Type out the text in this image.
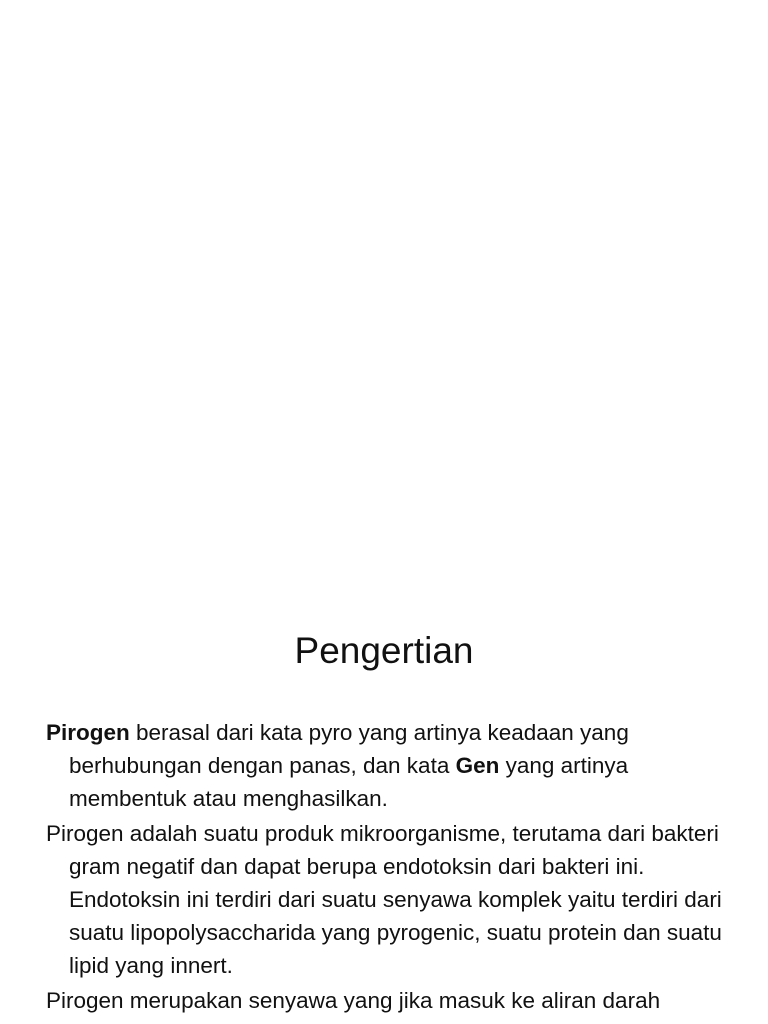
Pengertian

Pirogen berasal dari kata pyro yang artinya keadaan yang berhubungan dengan panas, dan kata Gen yang artinya membentuk atau menghasilkan.

Pirogen adalah suatu produk mikroorganisme, terutama dari bakteri gram negatif dan dapat berupa endotoksin dari bakteri ini. Endotoksin ini terdiri dari suatu senyawa komplek yaitu terdiri dari suatu lipopolysaccharida yang pyrogenic, suatu protein dan suatu lipid yang innert.

Pirogen merupakan senyawa yang jika masuk ke aliran darah
